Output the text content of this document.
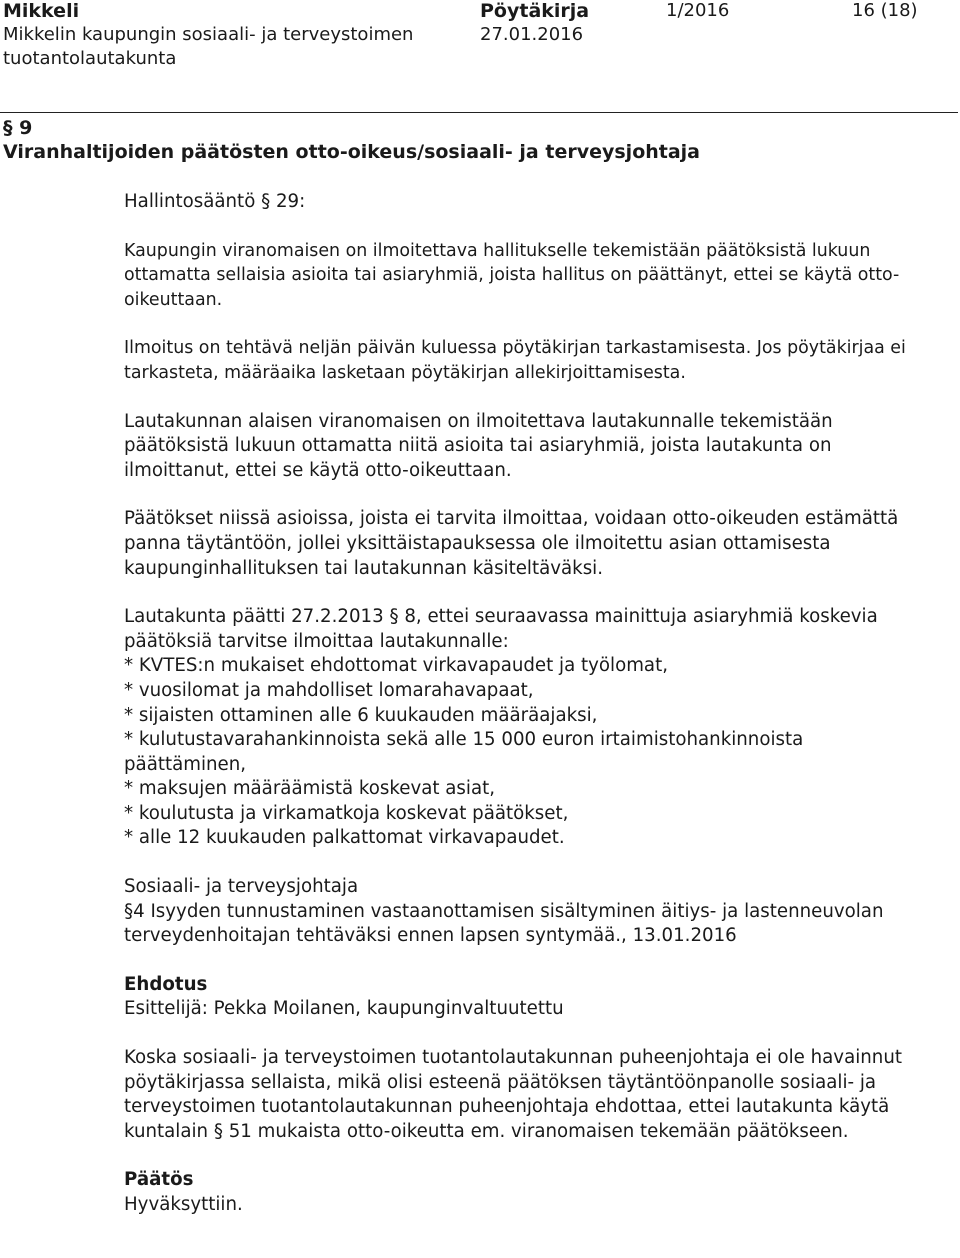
Mikkeli
Mikkelin kaupungin sosiaali- ja terveystoimen
tuotantolautakunta
Pöytäkirja
27.01.2016
1/2016	16 (18)
§ 9
Viranhaltijoiden päätösten otto-oikeus/sosiaali- ja terveysjohtaja

Hallintosääntö § 29:

Kaupungin viranomaisen on ilmoitettava hallitukselle tekemistään päätöksistä lukuun ottamatta sellaisia asioita tai asiaryhmiä, joista hallitus on päättänyt, ettei se käytä otto-oikeuttaan.

Ilmoitus on tehtävä neljän päivän kuluessa pöytäkirjan tarkastamisesta. Jos pöytäkirjaa ei tarkasteta, määräaika lasketaan pöytäkirjan allekirjoittamisesta.

Lautakunnan alaisen viranomaisen on ilmoitettava lautakunnalle tekemistään päätöksistä lukuun ottamatta niitä asioita tai asiaryhmiä, joista lautakunta on ilmoittanut, ettei se käytä otto-oikeuttaan.

Päätökset niissä asioissa, joista ei tarvita ilmoittaa, voidaan otto-oikeuden estämättä panna täytäntöön, jollei yksittäistapauksessa ole ilmoitettu asian ottamisesta kaupunginhallituksen tai lautakunnan käsiteltäväksi.

Lautakunta päätti 27.2.2013 § 8, ettei seuraavassa mainittuja asiaryhmiä koskevia päätöksiä tarvitse ilmoittaa lautakunnalle:

* KVTES:n mukaiset ehdottomat virkavapaudet ja työlomat,

* vuosilomat ja mahdolliset lomarahavapaat,

* sijaisten ottaminen alle 6 kuukauden määräajaksi,

* kulutustavarahankinnoista sekä alle 15 000 euron irtaimistohankinnoista päättäminen,

* maksujen määräämistä koskevat asiat,

* koulutusta ja virkamatkoja koskevat päätökset,

* alle 12 kuukauden palkattomat virkavapaudet.

Sosiaali- ja terveysjohtaja

§4 Isyyden tunnustaminen vastaanottamisen sisältyminen äitiys- ja lastenneuvolan terveydenhoitajan tehtäväksi ennen lapsen syntymää., 13.01.2016

Ehdotus

Esittelijä: Pekka Moilanen, kaupunginvaltuutettu

Koska sosiaali- ja terveystoimen tuotantolautakunnan puheenjohtaja ei ole havainnut pöytäkirjassa sellaista, mikä olisi esteenä päätöksen täytäntöönpanolle sosiaali- ja terveystoimen tuotantolautakunnan puheenjohtaja ehdottaa, ettei lautakunta käytä kuntalain § 51 mukaista otto-oikeutta em. viranomaisen tekemään päätökseen.

Päätös

Hyväksyttiin.
